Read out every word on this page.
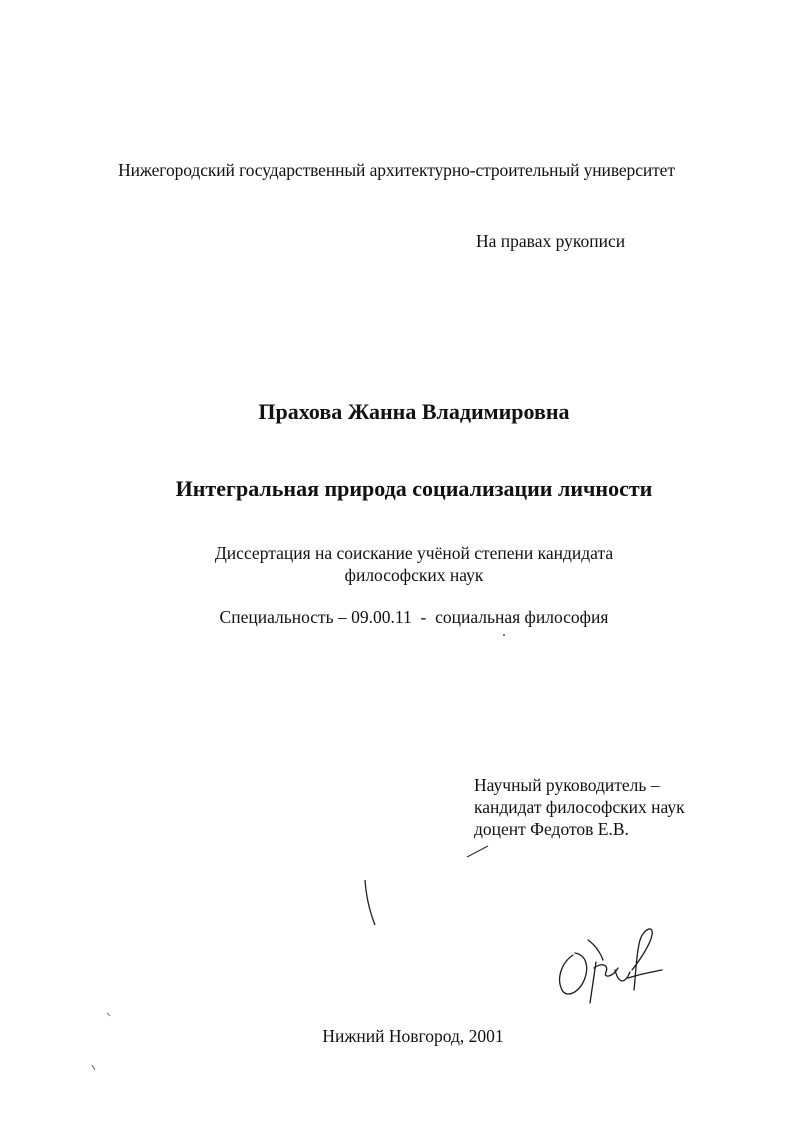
Нижегородский государственный архитектурно-строительный университет
На правах рукописи
Прахова Жанна Владимировна
Интегральная природа социализации личности
Диссертация на соискание учёной степени кандидата
философских наук
Специальность – 09.00.11  -  социальная философия
Научный руководитель –
кандидат философских наук
доцент Федотов Е.В.
Нижний Новгород, 2001
